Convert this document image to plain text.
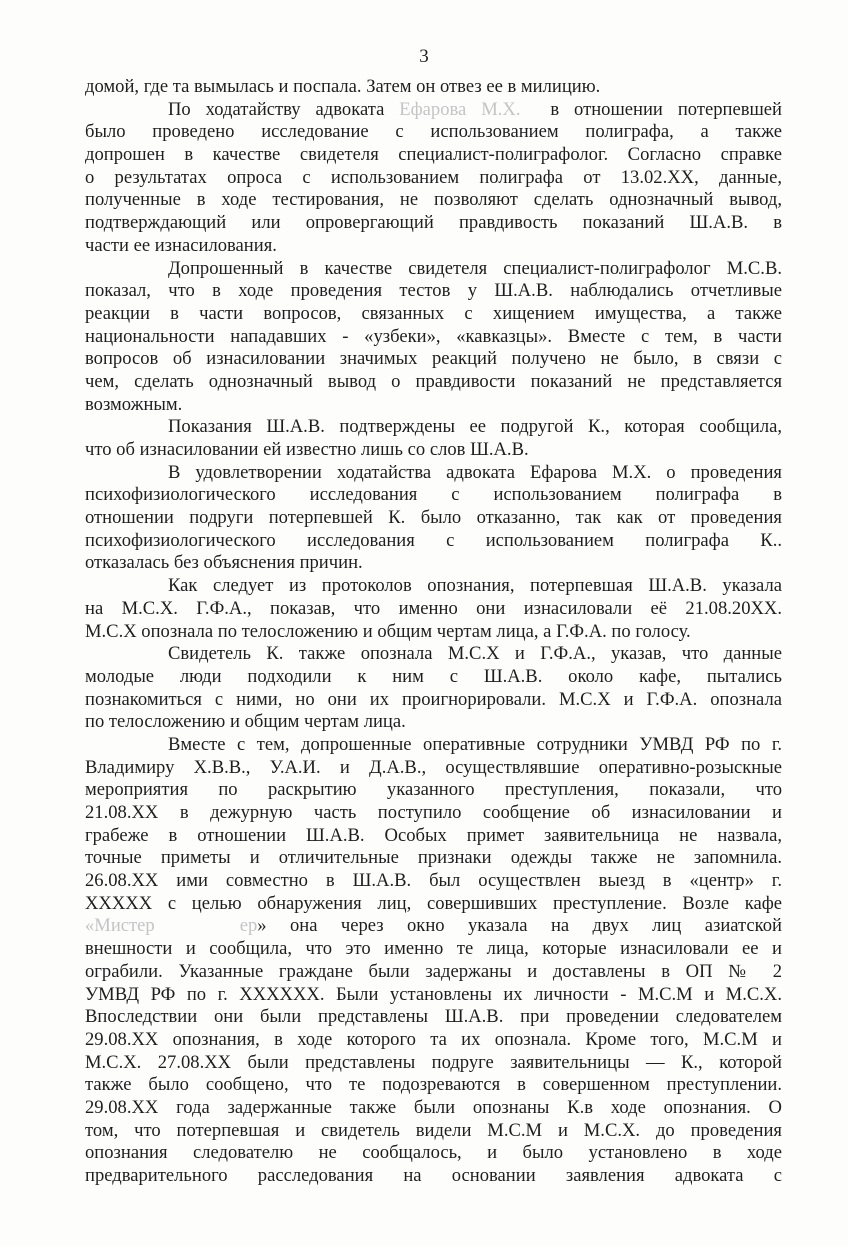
3
домой, где та вымылась и поспала. Затем он отвез ее в милицию.
По ходатайству адвоката Ефарова М.Х.  в отношении потерпевшей
было проведено исследование с использованием полиграфа, а также
допрошен в качестве свидетеля специалист-полиграфолог. Согласно справке
о результатах опроса с использованием полиграфа от 13.02.ХХ, данные,
полученные в ходе тестирования, не позволяют сделать однозначный вывод,
подтверждающий или опровергающий правдивость показаний Ш.А.В. в
части ее изнасилования.
Допрошенный в качестве свидетеля специалист-полиграфолог М.С.В.
показал, что в ходе проведения тестов у Ш.А.В. наблюдались отчетливые
реакции в части вопросов, связанных с хищением имущества, а также
национальности нападавших - «узбеки», «кавказцы». Вместе с тем, в части
вопросов об изнасиловании значимых реакций получено не было, в связи с
чем, сделать однозначный вывод о правдивости показаний не представляется
возможным.
Показания Ш.А.В. подтверждены ее подругой К., которая сообщила,
что об изнасиловании ей известно лишь со слов Ш.А.В.
В удовлетворении ходатайства адвоката Ефарова М.Х. о проведения
психофизиологического исследования с использованием полиграфа в
отношении подруги потерпевшей К. было отказанно, так как от проведения
психофизиологического исследования с использованием полиграфа К..
отказалась без объяснения причин.
Как следует из протоколов опознания, потерпевшая Ш.А.В. указала
на М.С.Х. Г.Ф.А., показав, что именно они изнасиловали её 21.08.20ХХ.
М.С.Х опознала по телосложению и общим чертам лица, а Г.Ф.А. по голосу.
Свидетель К. также опознала М.С.Х и Г.Ф.А., указав, что данные
молодые люди подходили к ним с Ш.А.В. около кафе, пытались
познакомиться с ними, но они их проигнорировали. М.С.Х и Г.Ф.А. опознала
по телосложению и общим чертам лица.
Вместе с тем, допрошенные оперативные сотрудники УМВД РФ по г.
Владимиру Х.В.В., У.А.И. и Д.А.В., осуществлявшие оперативно-розыскные
мероприятия по раскрытию указанного преступления, показали, что
21.08.ХХ в дежурную часть поступило сообщение об изнасиловании и
грабеже в отношении Ш.А.В. Особых примет заявительница не назвала,
точные приметы и отличительные признаки одежды также не запомнила.
26.08.ХХ ими совместно в Ш.А.В. был осуществлен выезд в «центр» г.
ХХХХХ с целью обнаружения лиц, совершивших преступление. Возле кафе
«Мистер	ер» она через окно указала на двух лиц азиатской
внешности и сообщила, что это именно те лица, которые изнасиловали ее и
ограбили. Указанные граждане были задержаны и доставлены в ОП № 2
УМВД РФ по г. ХХХХХХ. Были установлены их личности - М.С.М и М.С.Х.
Впоследствии они были представлены Ш.А.В. при проведении следователем
29.08.ХХ опознания, в ходе которого та их опознала. Кроме того, М.С.М и
М.С.Х. 27.08.ХХ были представлены подруге заявительницы — К., которой
также было сообщено, что те подозреваются в совершенном преступлении.
29.08.ХХ года задержанные также были опознаны К.в ходе опознания. О
том, что потерпевшая и свидетель видели М.С.М и М.С.Х. до проведения
опознания следователю не сообщалось, и было установлено в ходе
предварительного расследования на основании заявления адвоката с
